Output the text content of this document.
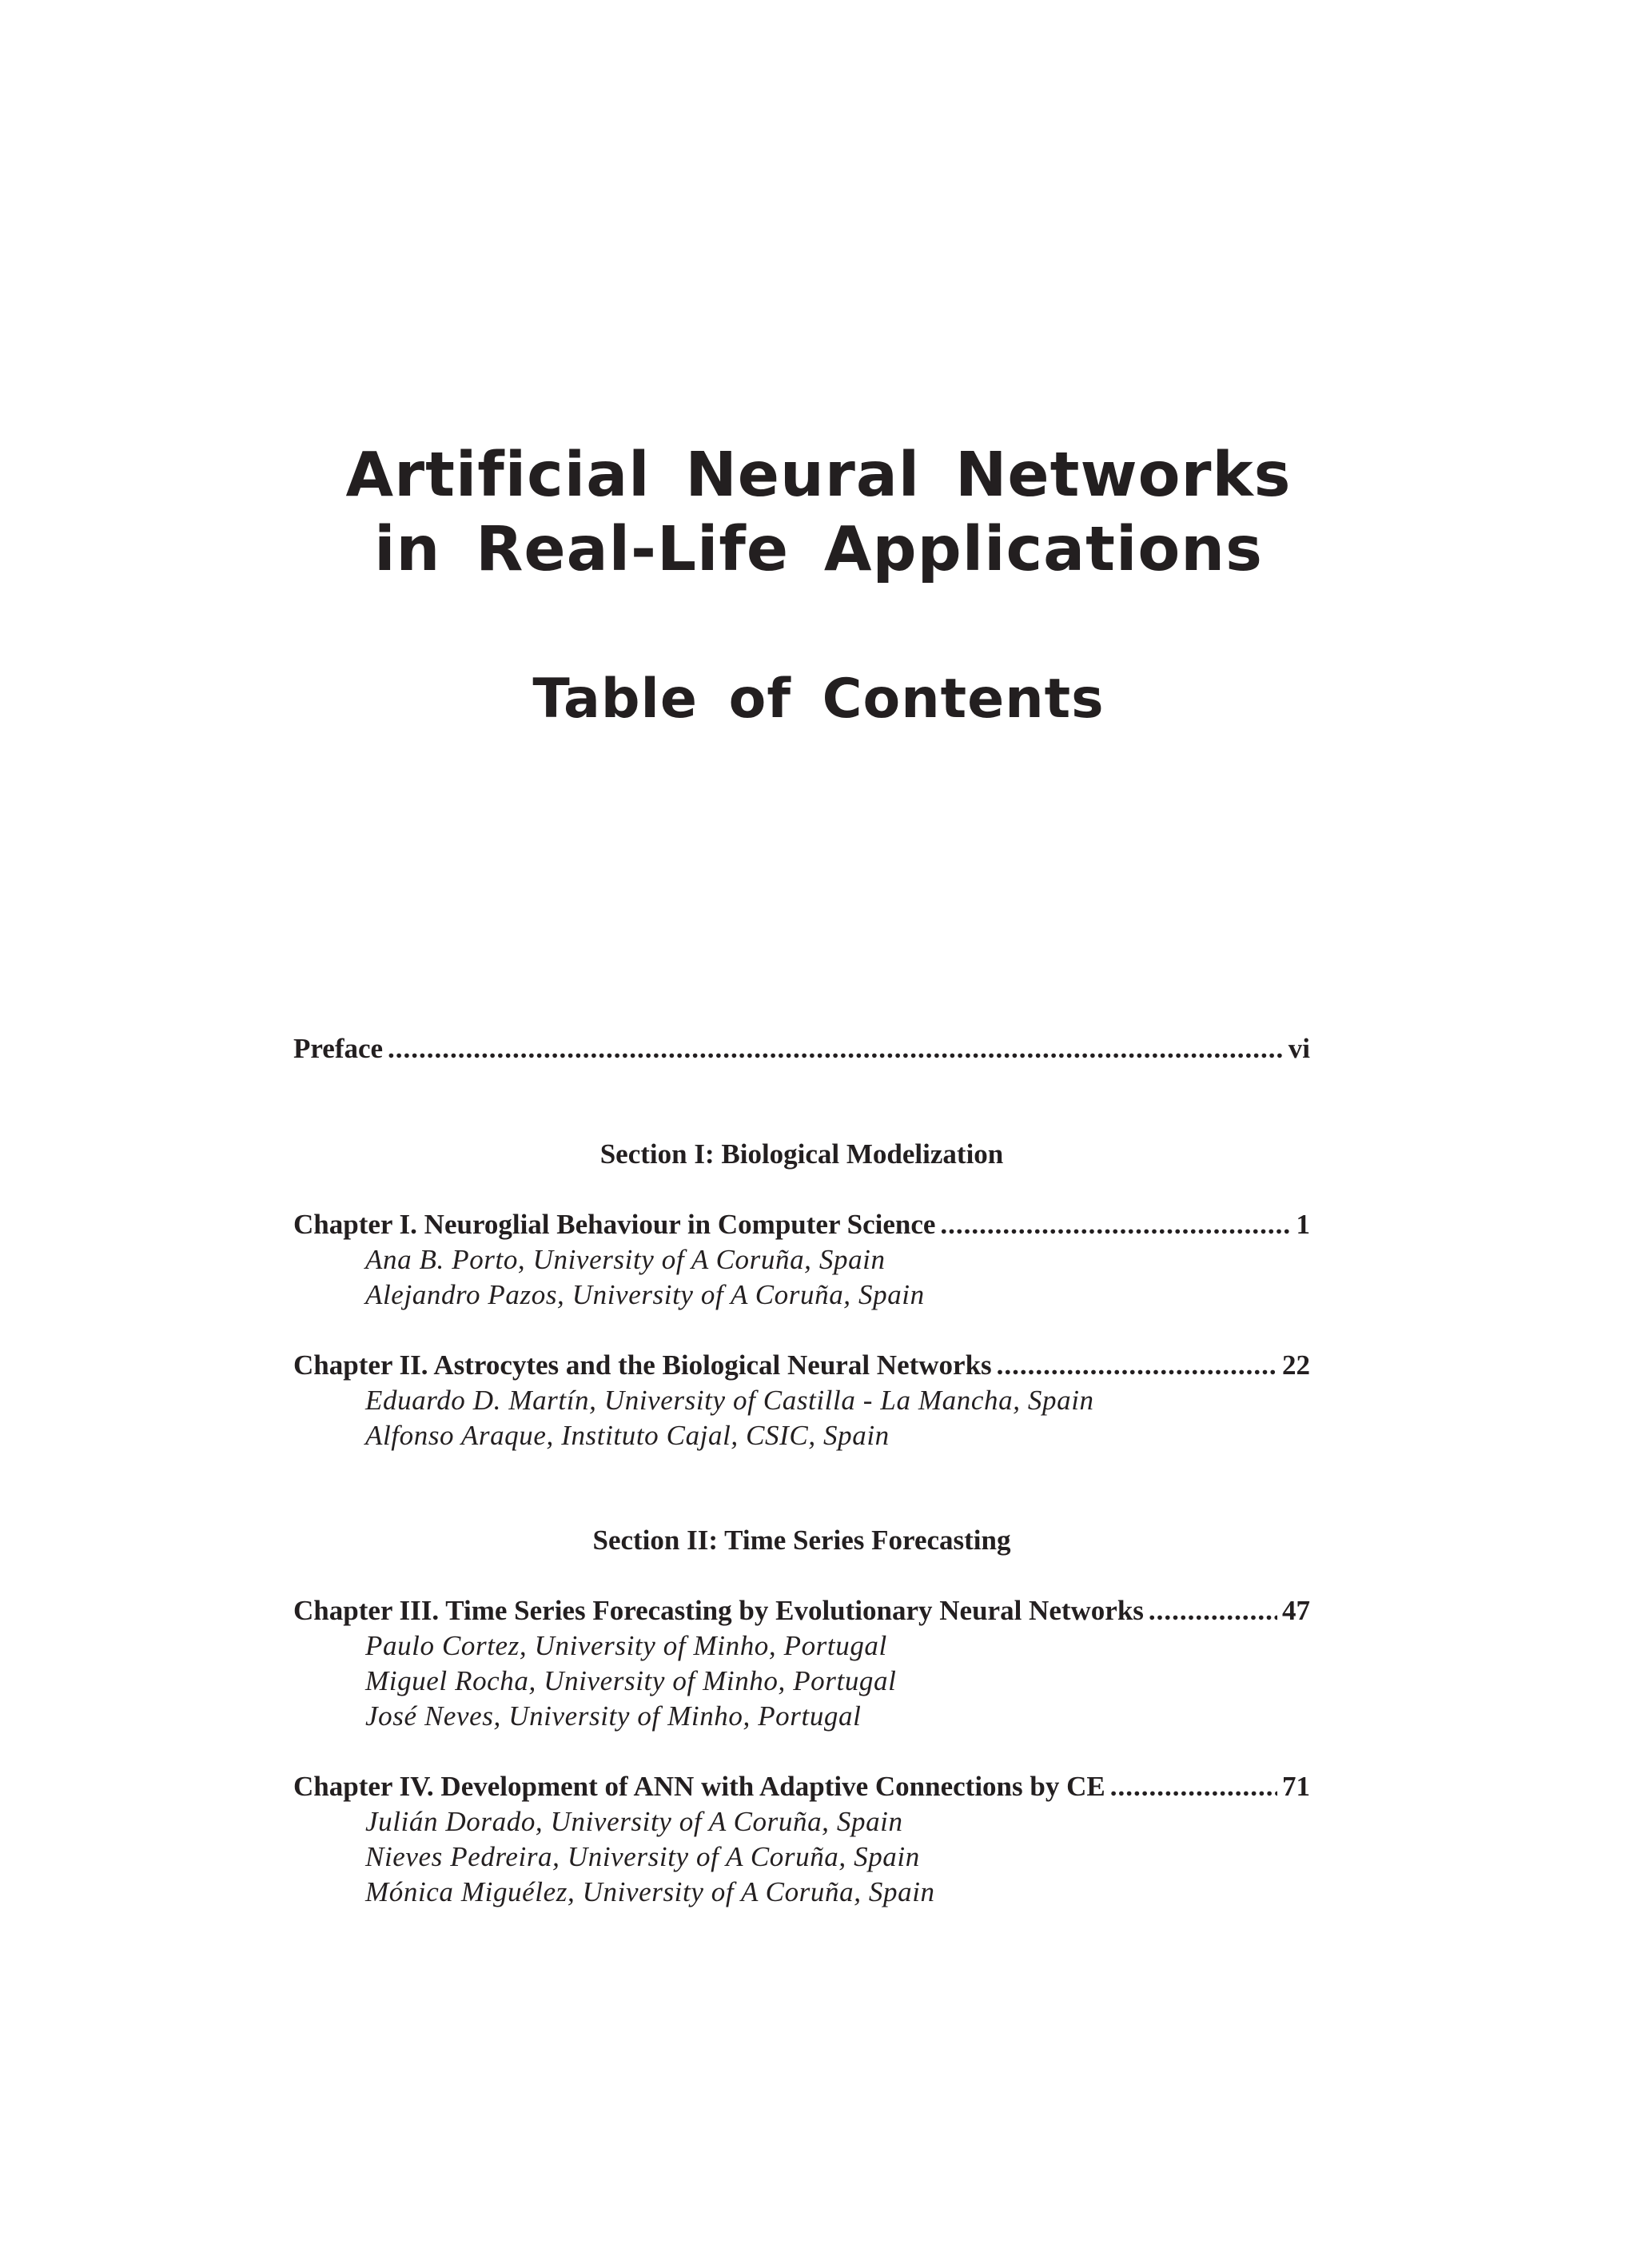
Artificial Neural Networks
in Real-Life Applications
Table of Contents
Preface .....	vi
Section I: Biological Modelization
Chapter I. Neuroglial Behaviour in Computer Science .....	1
Ana B. Porto, University of A Coruña, Spain
Alejandro Pazos, University of A Coruña, Spain
Chapter II. Astrocytes and the Biological Neural Networks .....	22
Eduardo D. Martín, University of Castilla - La Mancha, Spain
Alfonso Araque, Instituto Cajal, CSIC, Spain
Section II: Time Series Forecasting
Chapter III. Time Series Forecasting by Evolutionary Neural Networks .....	47
Paulo Cortez, University of Minho, Portugal
Miguel Rocha, University of Minho, Portugal
José Neves, University of Minho, Portugal
Chapter IV. Development of ANN with Adaptive Connections by CE .....	71
Julián Dorado, University of A Coruña, Spain
Nieves Pedreira, University of A Coruña, Spain
Mónica Miguélez, University of A Coruña, Spain
